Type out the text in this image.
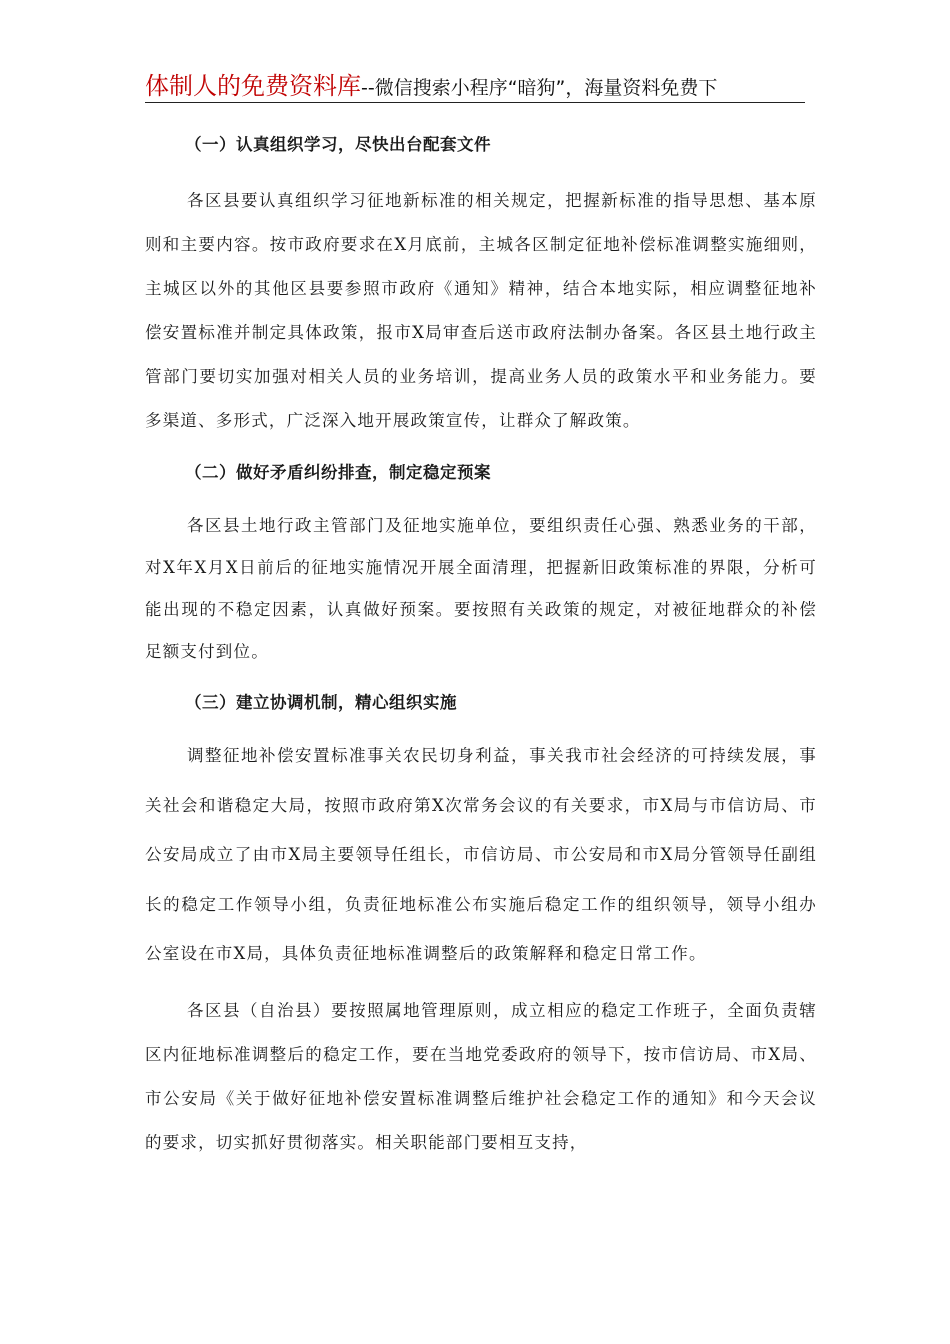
体制人的免费资料库--微信搜索小程序“暗狗”，海量资料免费下
（一）认真组织学习，尽快出台配套文件

各区县要认真组织学习征地新标准的相关规定，把握新标准的指导思想、基本原则和主要内容。按市政府要求在X月底前，主城各区制定征地补偿标准调整实施细则，主城区以外的其他区县要参照市政府《通知》精神，结合本地实际，相应调整征地补偿安置标准并制定具体政策，报市X局审查后送市政府法制办备案。各区县土地行政主管部门要切实加强对相关人员的业务培训，提高业务人员的政策水平和业务能力。要多渠道、多形式，广泛深入地开展政策宣传，让群众了解政策。

（二）做好矛盾纠纷排查，制定稳定预案

各区县土地行政主管部门及征地实施单位，要组织责任心强、熟悉业务的干部，对X年X月X日前后的征地实施情况开展全面清理，把握新旧政策标准的界限，分析可能出现的不稳定因素，认真做好预案。要按照有关政策的规定，对被征地群众的补偿足额支付到位。

（三）建立协调机制，精心组织实施

调整征地补偿安置标准事关农民切身利益，事关我市社会经济的可持续发展，事关社会和谐稳定大局，按照市政府第X次常务会议的有关要求，市X局与市信访局、市公安局成立了由市X局主要领导任组长，市信访局、市公安局和市X局分管领导任副组长的稳定工作领导小组，负责征地标准公布实施后稳定工作的组织领导，领导小组办公室设在市X局，具体负责征地标准调整后的政策解释和稳定日常工作。

各区县（自治县）要按照属地管理原则，成立相应的稳定工作班子，全面负责辖区内征地标准调整后的稳定工作，要在当地党委政府的领导下，按市信访局、市X局、市公安局《关于做好征地补偿安置标准调整后维护社会稳定工作的通知》和今天会议的要求，切实抓好贯彻落实。相关职能部门要相互支持，
